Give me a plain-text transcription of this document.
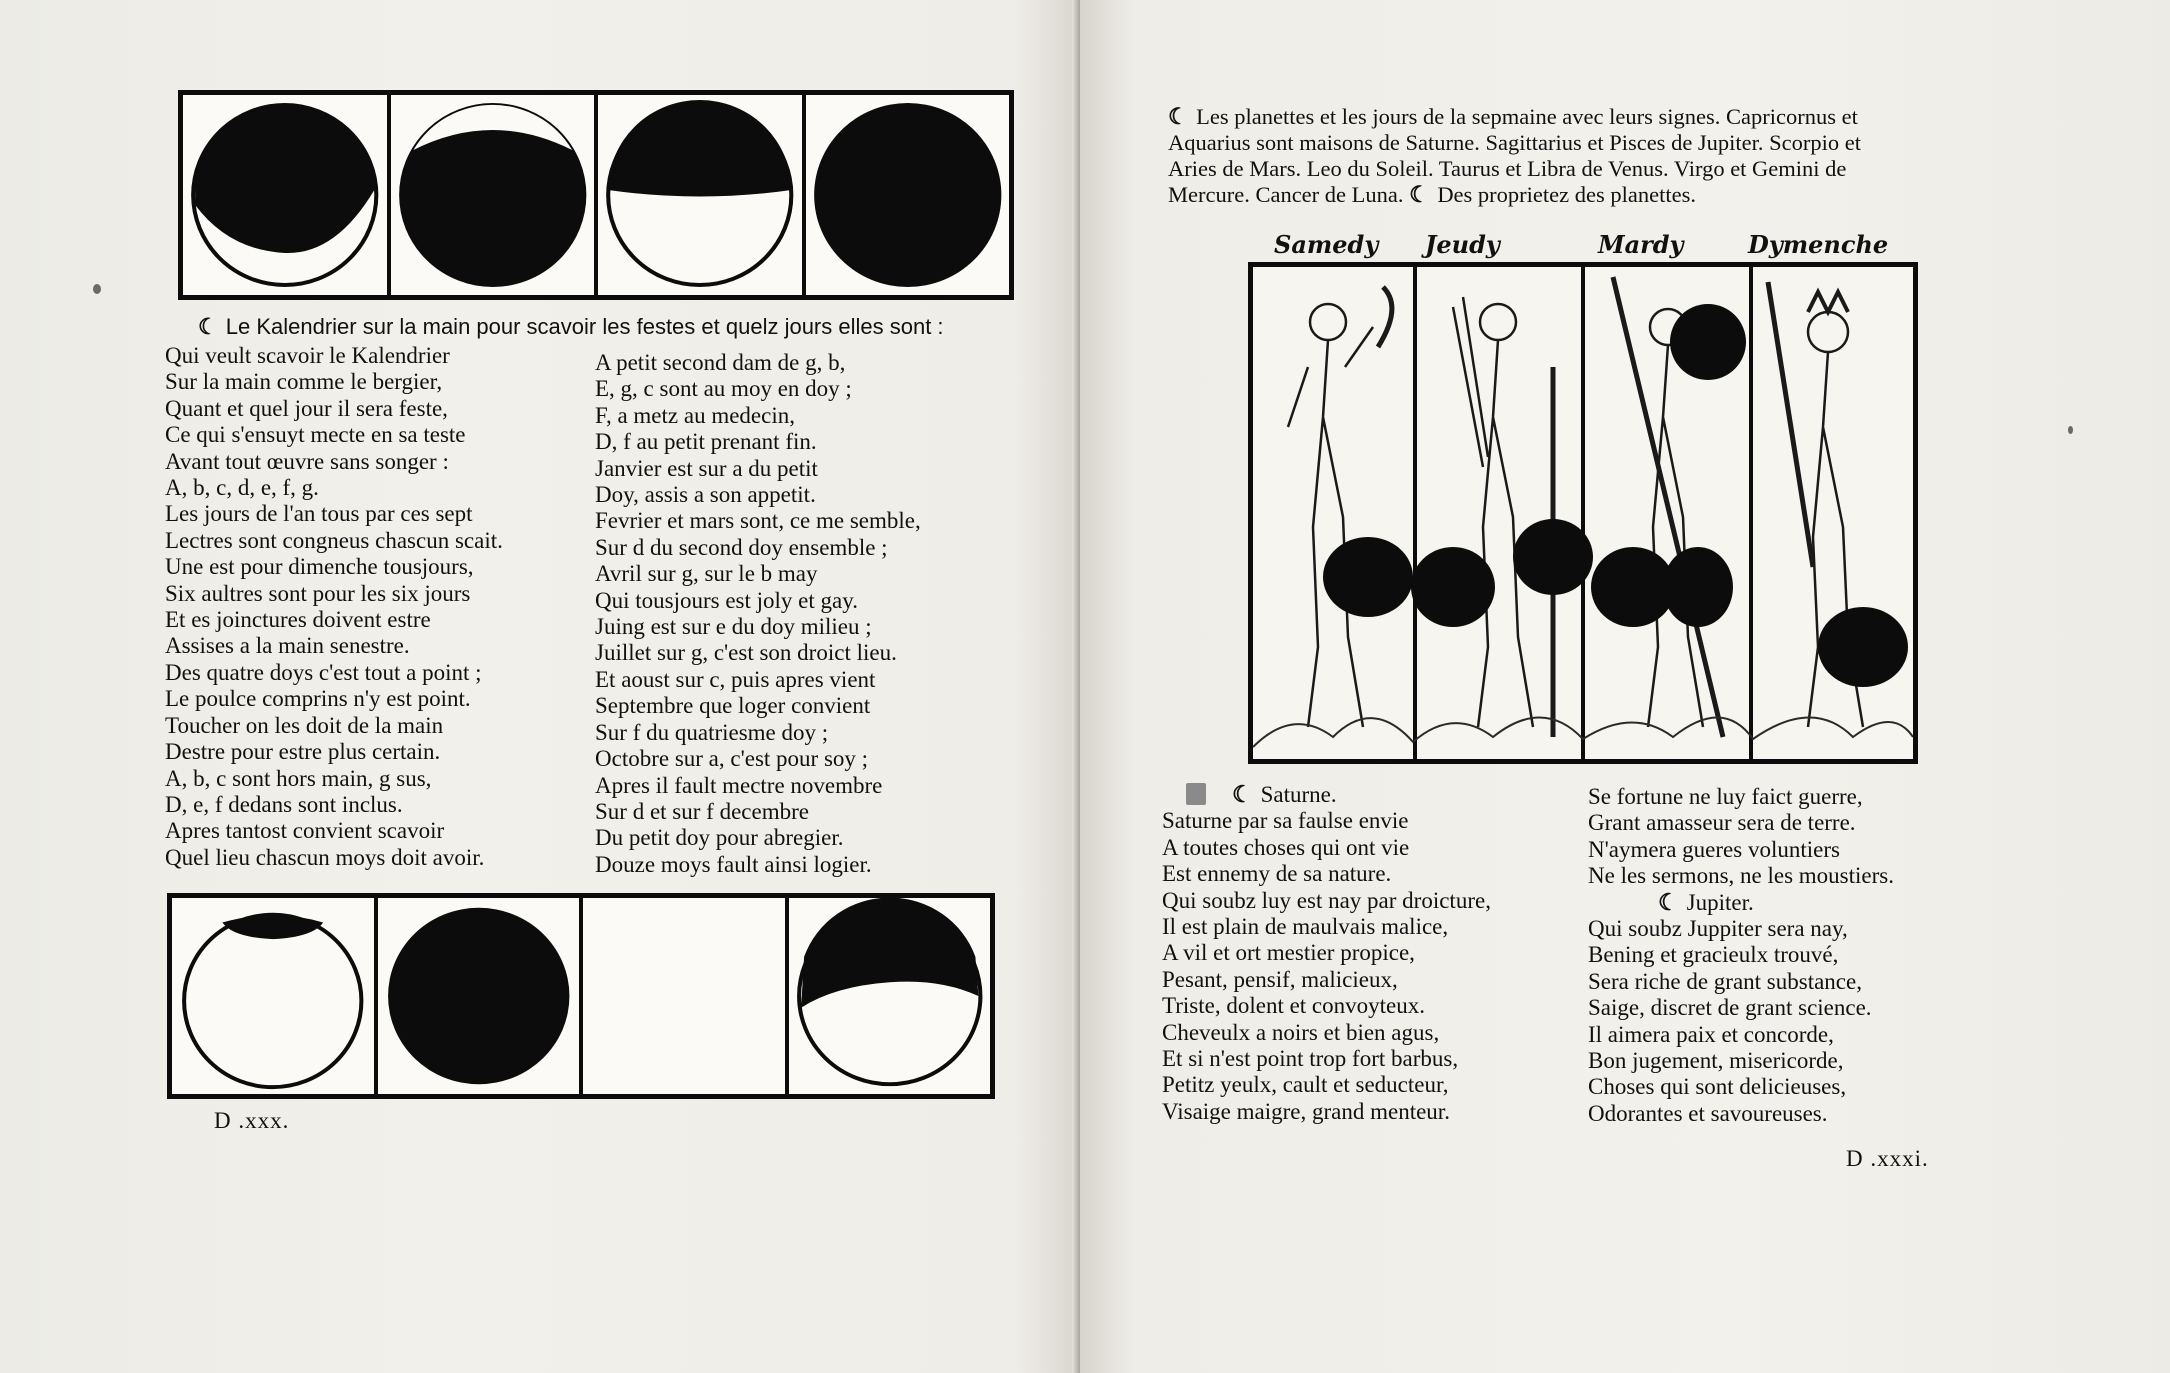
☾ Le Kalendrier sur la main pour scavoir les festes et quelz jours elles sont :
Qui veult scavoir le Kalendrier
Sur la main comme le bergier,
Quant et quel jour il sera feste,
Ce qui s'ensuyt mecte en sa teste
Avant tout œuvre sans songer :
A, b, c, d, e, f, g.
Les jours de l'an tous par ces sept
Lectres sont congneus chascun scait.
Une est pour dimenche tousjours,
Six aultres sont pour les six jours
Et es joinctures doivent estre
Assises a la main senestre.
Des quatre doys c'est tout a point ;
Le poulce comprins n'y est point.
Toucher on les doit de la main
Destre pour estre plus certain.
A, b, c sont hors main, g sus,
D, e, f dedans sont inclus.
Apres tantost convient scavoir
Quel lieu chascun moys doit avoir.
A petit second dam de g, b,
E, g, c sont au moy en doy ;
F, a metz au medecin,
D, f au petit prenant fin.
Janvier est sur a du petit
Doy, assis a son appetit.
Fevrier et mars sont, ce me semble,
Sur d du second doy ensemble ;
Avril sur g, sur le b may
Qui tousjours est joly et gay.
Juing est sur e du doy milieu ;
Juillet sur g, c'est son droict lieu.
Et aoust sur c, puis apres vient
Septembre que loger convient
Sur f du quatriesme doy ;
Octobre sur a, c'est pour soy ;
Apres il fault mectre novembre
Sur d et sur f decembre
Du petit doy pour abregier.
Douze moys fault ainsi logier.
D .xxx.
☾ Les planettes et les jours de la sepmaine avec leurs signes. Capricornus et
Aquarius sont maisons de Saturne. Sagittarius et Pisces de Jupiter. Scorpio et
Aries de Mars. Leo du Soleil. Taurus et Libra de Venus. Virgo et Gemini de
Mercure. Cancer de Luna. ☾ Des proprietez des planettes.
Samedy Jeudy	Mardy	Dymenche
☾ Saturne.
Saturne par sa faulse envie
A toutes choses qui ont vie
Est ennemy de sa nature.
Qui soubz luy est nay par droicture,
Il est plain de maulvais malice,
A vil et ort mestier propice,
Pesant, pensif, malicieux,
Triste, dolent et convoyteux.
Cheveulx a noirs et bien agus,
Et si n'est point trop fort barbus,
Petitz yeulx, cault et seducteur,
Visaige maigre, grand menteur.
Se fortune ne luy faict guerre,
Grant amasseur sera de terre.
N'aymera gueres voluntiers
Ne les sermons, ne les moustiers.
☾ Jupiter.
Qui soubz Juppiter sera nay,
Bening et gracieulx trouvé,
Sera riche de grant substance,
Saige, discret de grant science.
Il aimera paix et concorde,
Bon jugement, misericorde,
Choses qui sont delicieuses,
Odorantes et savoureuses.
D .xxxi.
